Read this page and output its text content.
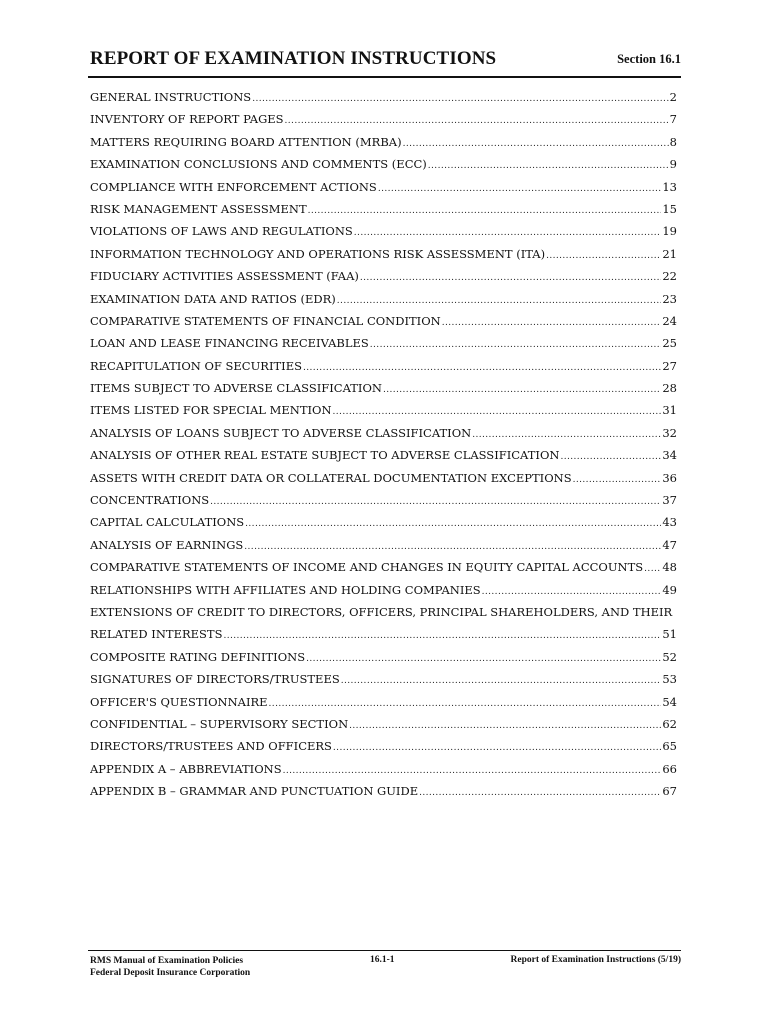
REPORT OF EXAMINATION INSTRUCTIONS	Section 16.1
GENERAL INSTRUCTIONS .....	2
INVENTORY OF REPORT PAGES .....	7
MATTERS REQUIRING BOARD ATTENTION (MRBA) .....	8
EXAMINATION CONCLUSIONS AND COMMENTS (ECC) .....	9
COMPLIANCE WITH ENFORCEMENT ACTIONS .....	13
RISK MANAGEMENT ASSESSMENT .....	15
VIOLATIONS OF LAWS AND REGULATIONS .....	19
INFORMATION TECHNOLOGY AND OPERATIONS RISK ASSESSMENT (ITA) .....	21
FIDUCIARY ACTIVITIES ASSESSMENT (FAA) .....	22
EXAMINATION DATA AND RATIOS (EDR) .....	23
COMPARATIVE STATEMENTS OF FINANCIAL CONDITION .....	24
LOAN AND LEASE FINANCING RECEIVABLES .....	25
RECAPITULATION OF SECURITIES .....	27
ITEMS SUBJECT TO ADVERSE CLASSIFICATION .....	28
ITEMS LISTED FOR SPECIAL MENTION .....	31
ANALYSIS OF LOANS SUBJECT TO ADVERSE CLASSIFICATION .....	32
ANALYSIS OF OTHER REAL ESTATE SUBJECT TO ADVERSE CLASSIFICATION .....	34
ASSETS WITH CREDIT DATA OR COLLATERAL DOCUMENTATION EXCEPTIONS .....	36
CONCENTRATIONS .....	37
CAPITAL CALCULATIONS .....	43
ANALYSIS OF EARNINGS .....	47
COMPARATIVE STATEMENTS OF INCOME AND CHANGES IN EQUITY CAPITAL ACCOUNTS ..... 48
RELATIONSHIPS WITH AFFILIATES AND HOLDING COMPANIES .....	49
EXTENSIONS OF CREDIT TO DIRECTORS, OFFICERS, PRINCIPAL SHAREHOLDERS, AND THEIR
RELATED INTERESTS .....	51
COMPOSITE RATING DEFINITIONS .....	52
SIGNATURES OF DIRECTORS/TRUSTEES .....	53
OFFICER'S QUESTIONNAIRE .....	54
CONFIDENTIAL – SUPERVISORY SECTION .....	62
DIRECTORS/TRUSTEES AND OFFICERS .....	65
APPENDIX A – ABBREVIATIONS .....	66
APPENDIX B – GRAMMAR AND PUNCTUATION GUIDE .....	67
RMS Manual of Examination Policies
Federal Deposit Insurance Corporation
16.1-1	Report of Examination Instructions (5/19)
